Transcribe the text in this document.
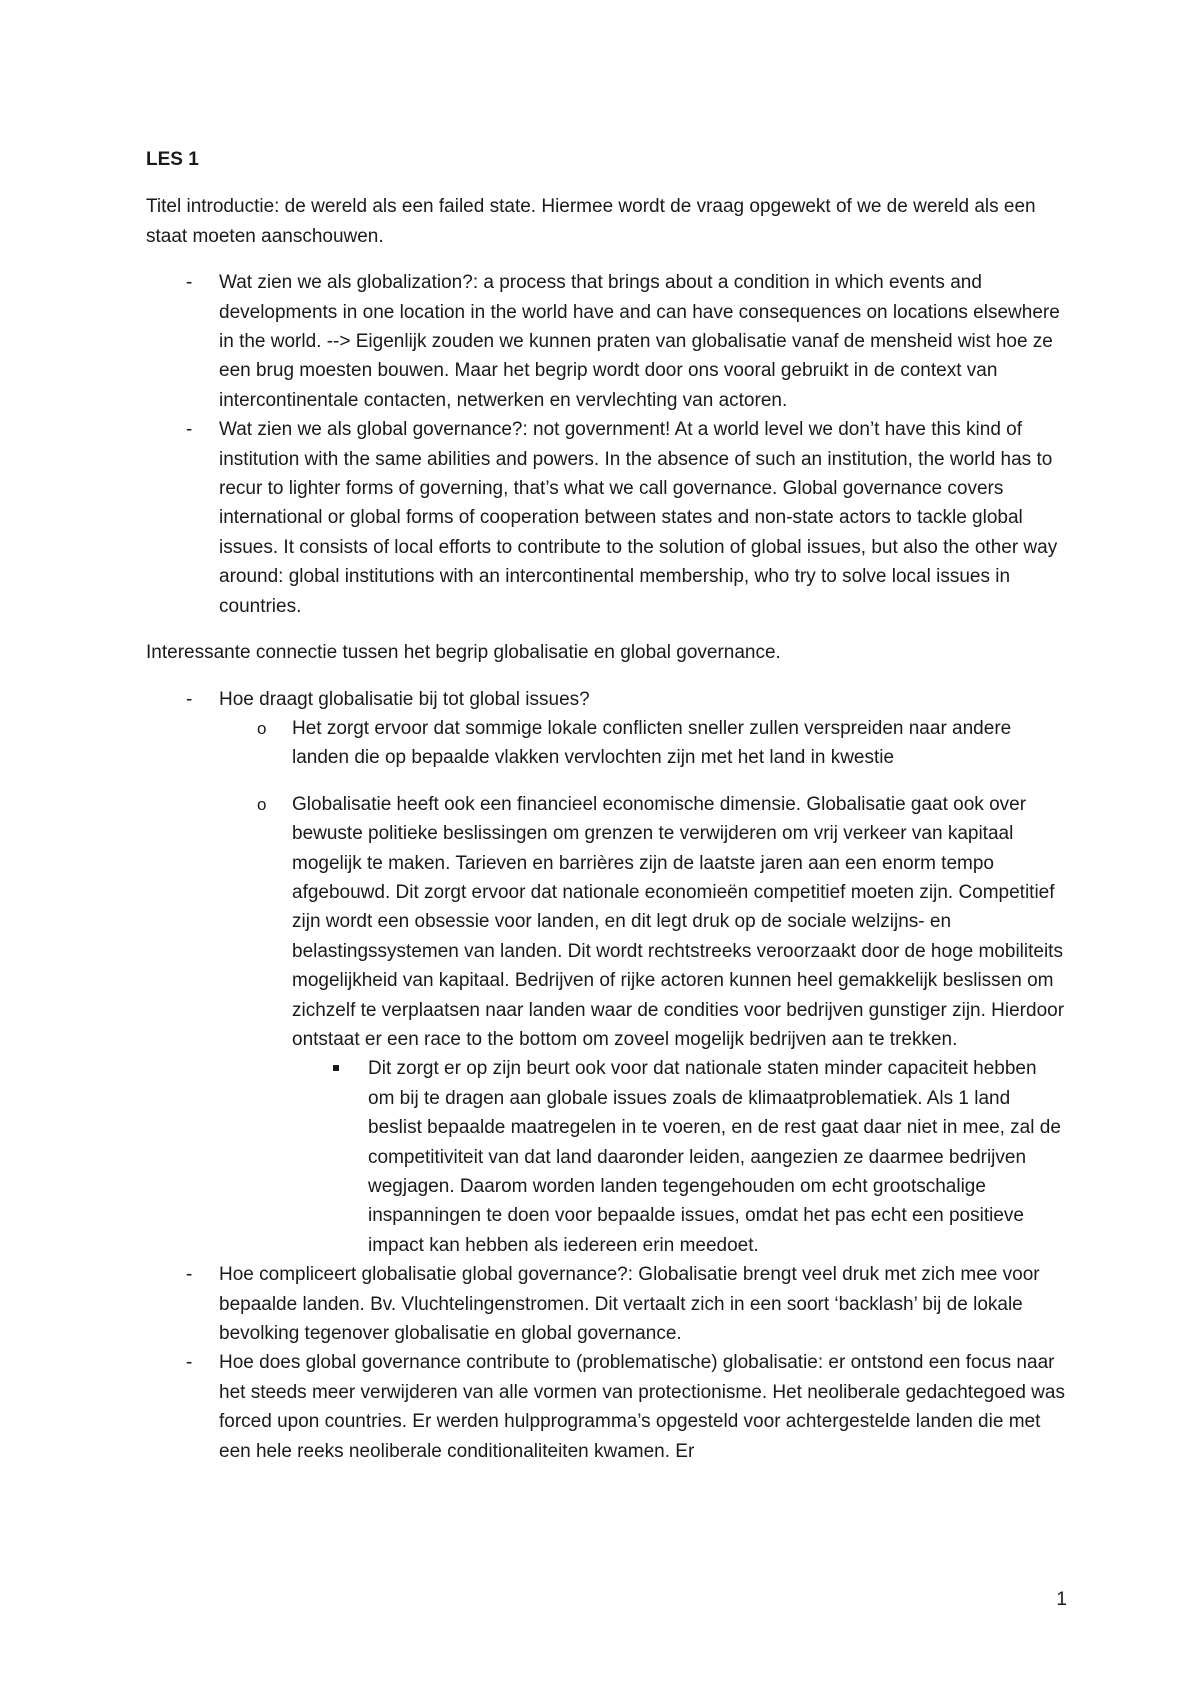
LES 1

Titel introductie: de wereld als een failed state. Hiermee wordt de vraag opgewekt of we de wereld als een staat moeten aanschouwen.

- Wat zien we als globalization?: a process that brings about a condition in which events and developments in one location in the world have and can have consequences on locations elsewhere in the world. --> Eigenlijk zouden we kunnen praten van globalisatie vanaf de mensheid wist hoe ze een brug moesten bouwen. Maar het begrip wordt door ons vooral gebruikt in de context van intercontinentale contacten, netwerken en vervlechting van actoren.
- Wat zien we als global governance?: not government! At a world level we don’t have this kind of institution with the same abilities and powers. In the absence of such an institution, the world has to recur to lighter forms of governing, that’s what we call governance. Global governance covers international or global forms of cooperation between states and non-state actors to tackle global issues. It consists of local efforts to contribute to the solution of global issues, but also the other way around: global institutions with an intercontinental membership, who try to solve local issues in countries.

Interessante connectie tussen het begrip globalisatie en global governance.

- Hoe draagt globalisatie bij tot global issues?
o Het zorgt ervoor dat sommige lokale conflicten sneller zullen verspreiden naar andere landen die op bepaalde vlakken vervlochten zijn met het land in kwestie
o Globalisatie heeft ook een financieel economische dimensie. Globalisatie gaat ook over bewuste politieke beslissingen om grenzen te verwijderen om vrij verkeer van kapitaal mogelijk te maken. Tarieven en barrières zijn de laatste jaren aan een enorm tempo afgebouwd. Dit zorgt ervoor dat nationale economieën competitief moeten zijn. Competitief zijn wordt een obsessie voor landen, en dit legt druk op de sociale welzijns- en belastingssystemen van landen. Dit wordt rechtstreeks veroorzaakt door de hoge mobiliteits mogelijkheid van kapitaal. Bedrijven of rijke actoren kunnen heel gemakkelijk beslissen om zichzelf te verplaatsen naar landen waar de condities voor bedrijven gunstiger zijn. Hierdoor ontstaat er een race to the bottom om zoveel mogelijk bedrijven aan te trekken.
Dit zorgt er op zijn beurt ook voor dat nationale staten minder capaciteit hebben om bij te dragen aan globale issues zoals de klimaatproblematiek. Als 1 land beslist bepaalde maatregelen in te voeren, en de rest gaat daar niet in mee, zal de competitiviteit van dat land daaronder leiden, aangezien ze daarmee bedrijven wegjagen. Daarom worden landen tegengehouden om echt grootschalige inspanningen te doen voor bepaalde issues, omdat het pas echt een positieve impact kan hebben als iedereen erin meedoet.
- Hoe compliceert globalisatie global governance?: Globalisatie brengt veel druk met zich mee voor bepaalde landen. Bv. Vluchtelingenstromen. Dit vertaalt zich in een soort ‘backlash’ bij de lokale bevolking tegenover globalisatie en global governance.
- Hoe does global governance contribute to (problematische) globalisatie: er ontstond een focus naar het steeds meer verwijderen van alle vormen van protectionisme. Het neoliberale gedachtegoed was forced upon countries. Er werden hulpprogramma’s opgesteld voor achtergestelde landen die met een hele reeks neoliberale conditionaliteiten kwamen. Er
1
